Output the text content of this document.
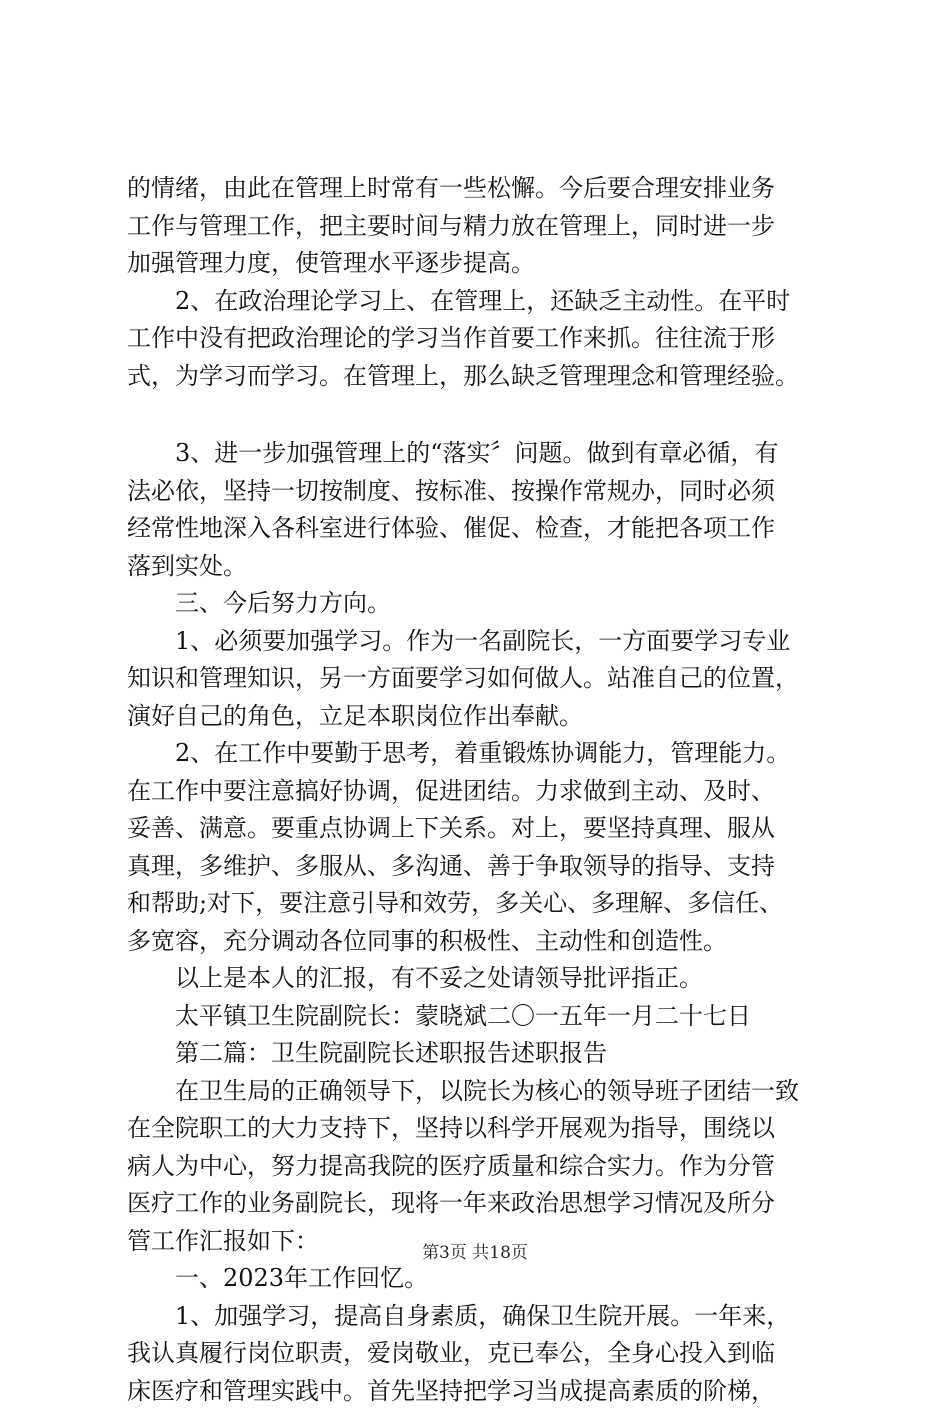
的情绪，由此在管理上时常有一些松懈。今后要合理安排业务
工作与管理工作，把主要时间与精力放在管理上，同时进一步
加强管理力度，使管理水平逐步提高。
2、在政治理论学习上、在管理上，还缺乏主动性。在平时
工作中没有把政治理论的学习当作首要工作来抓。往往流于形
式，为学习而学习。在管理上，那么缺乏管理理念和管理经验。
3、进一步加强管理上的“落实〞问题。做到有章必循，有
法必依，坚持一切按制度、按标准、按操作常规办，同时必须
经常性地深入各科室进行体验、催促、检查，才能把各项工作
落到实处。
三、今后努力方向。
1、必须要加强学习。作为一名副院长，一方面要学习专业
知识和管理知识，另一方面要学习如何做人。站准自己的位置，
演好自己的角色，立足本职岗位作出奉献。
2、在工作中要勤于思考，着重锻炼协调能力，管理能力。
在工作中要注意搞好协调，促进团结。力求做到主动、及时、
妥善、满意。要重点协调上下关系。对上，要坚持真理、服从
真理，多维护、多服从、多沟通、善于争取领导的指导、支持
和帮助;对下，要注意引导和效劳，多关心、多理解、多信任、
多宽容，充分调动各位同事的积极性、主动性和创造性。
以上是本人的汇报，有不妥之处请领导批评指正。
太平镇卫生院副院长：蒙晓斌二〇一五年一月二十七日
第二篇：卫生院副院长述职报告述职报告
在卫生局的正确领导下，以院长为核心的领导班子团结一致
在全院职工的大力支持下，坚持以科学开展观为指导，围绕以
病人为中心，努力提高我院的医疗质量和综合实力。作为分管
医疗工作的业务副院长，现将一年来政治思想学习情况及所分
管工作汇报如下：
一、2023年工作回忆。
1、加强学习，提高自身素质，确保卫生院开展。一年来，
我认真履行岗位职责，爱岗敬业，克已奉公，全身心投入到临
床医疗和管理实践中。首先坚持把学习当成提高素质的阶梯，
第3页 共18页
